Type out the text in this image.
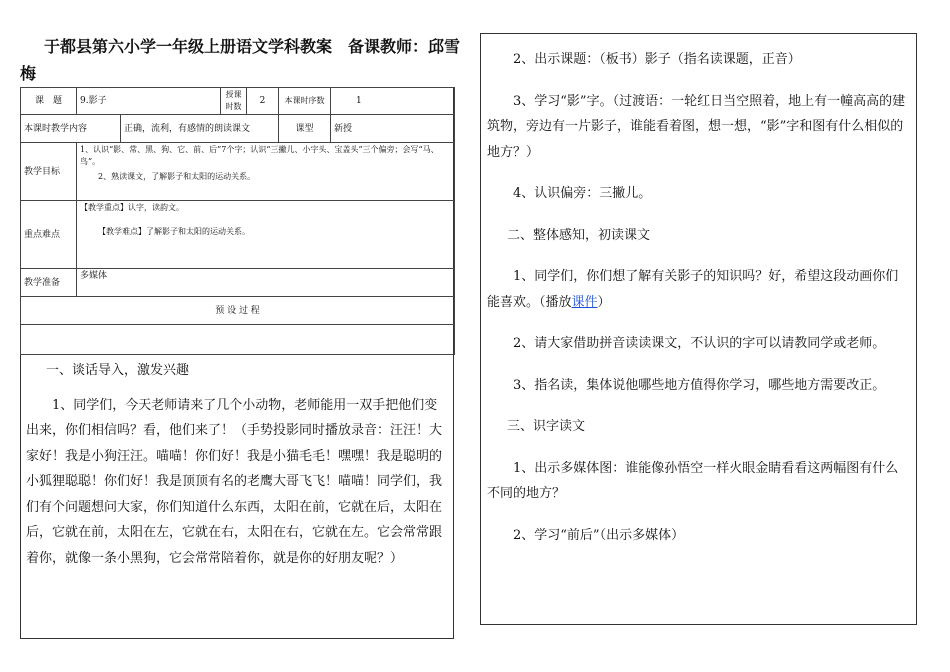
于都县第六小学一年级上册语文学科教案　备课教师：邱雪梅
课　题	9.影子		授课时数	2	本课时序数	1
本课时教学内容		正确，流利，有感情的朗读课文			课型	新授
教学目标	1、认识“影、常、黑、狗、它、前、后”7个字；认识“三撇儿、小字头、宝盖头”三个偏旁；会写“马、鸟”。
2、熟读课文，了解影子和太阳的运动关系。					

重点难点	【教学重点】认字，读韵文。
【教学难点】了解影子和太阳的运动关系。					

教学准备	多媒体					
预 设 过 程						

一、谈话导入，激发兴趣

1、同学们，今天老师请来了几个小动物，老师能用一双手把他们变出来，你们相信吗？看，他们来了！（手势投影同时播放录音：汪汪！大家好！我是小狗汪汪。喵喵！你们好！我是小猫毛毛！嘿嘿！我是聪明的小狐狸聪聪！你们好！我是顶顶有名的老鹰大哥飞飞！喵喵！同学们，我们有个问题想问大家，你们知道什么东西，太阳在前，它就在后，太阳在后，它就在前，太阳在左，它就在右，太阳在右，它就在左。它会常常跟着你，就像一条小黑狗，它会常常陪着你，就是你的好朋友呢？）

2、出示课题：（板书）影子（指名读课题，正音）

3、学习“影”字。（过渡语：一轮红日当空照着，地上有一幢高高的建筑物，旁边有一片影子，谁能看着图，想一想，“影”字和图有什么相似的地方？）

4、认识偏旁：三撇儿。

二、整体感知，初读课文

1、同学们，你们想了解有关影子的知识吗？好，希望这段动画你们能喜欢。（播放课件）

2、请大家借助拼音读读课文，不认识的字可以请教同学或老师。

3、指名读，集体说他哪些地方值得你学习，哪些地方需要改正。

三、识字读文

1、出示多媒体图：谁能像孙悟空一样火眼金睛看看这两幅图有什么不同的地方？

2、学习“前后”（出示多媒体）
